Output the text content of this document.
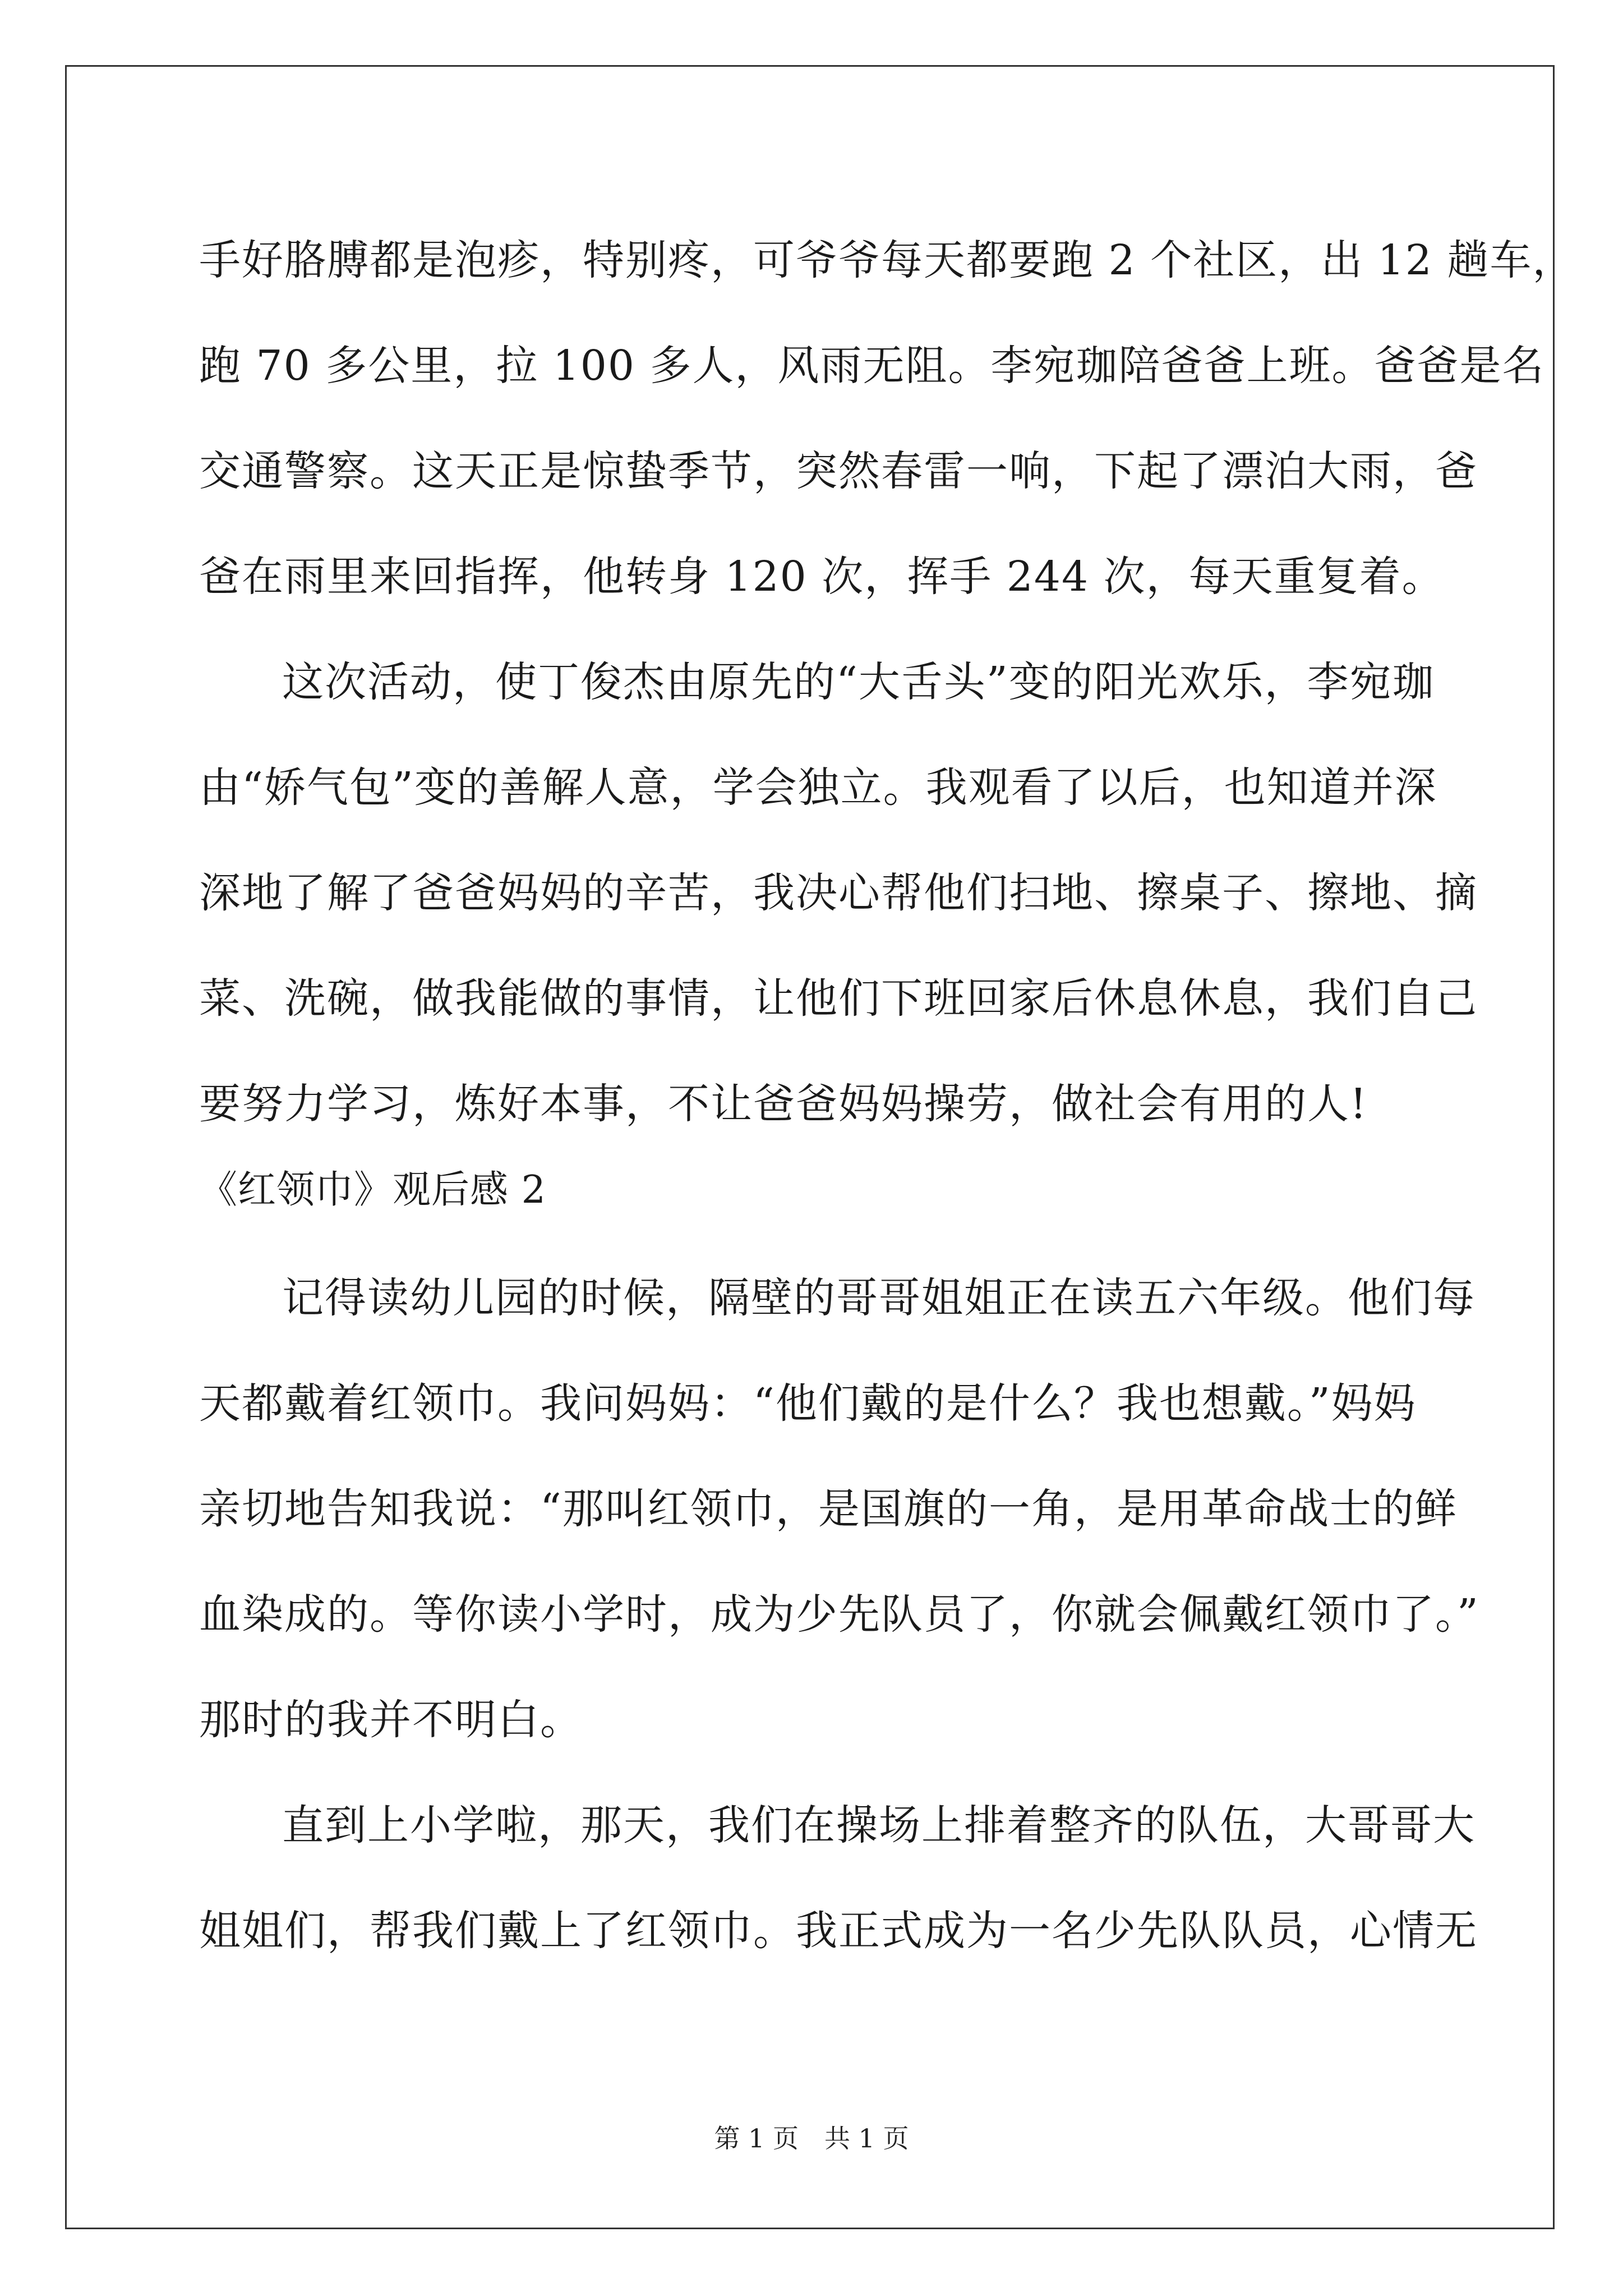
手好胳膊都是泡疹，特别疼，可爷爷每天都要跑 2 个社区，出 12 趟车，
跑 70 多公里，拉 100 多人，风雨无阻。李宛珈陪爸爸上班。爸爸是名
交通警察。这天正是惊蛰季节，突然春雷一响，下起了漂泊大雨，爸
爸在雨里来回指挥，他转身 120 次，挥手 244 次，每天重复着。
这次活动，使丁俊杰由原先的“大舌头”变的阳光欢乐，李宛珈
由“娇气包”变的善解人意，学会独立。我观看了以后，也知道并深
深地了解了爸爸妈妈的辛苦，我决心帮他们扫地、擦桌子、擦地、摘
菜、洗碗，做我能做的事情，让他们下班回家后休息休息，我们自己
要努力学习，炼好本事，不让爸爸妈妈操劳，做社会有用的人!
《红领巾》观后感 2
记得读幼儿园的时候，隔壁的哥哥姐姐正在读五六年级。他们每
天都戴着红领巾。我问妈妈：“他们戴的是什么？我也想戴。”妈妈
亲切地告知我说：“那叫红领巾，是国旗的一角，是用革命战士的鲜
血染成的。等你读小学时，成为少先队员了，你就会佩戴红领巾了。”
那时的我并不明白。
直到上小学啦，那天，我们在操场上排着整齐的队伍，大哥哥大
姐姐们，帮我们戴上了红领巾。我正式成为一名少先队队员，心情无
第 1 页　共 1 页
